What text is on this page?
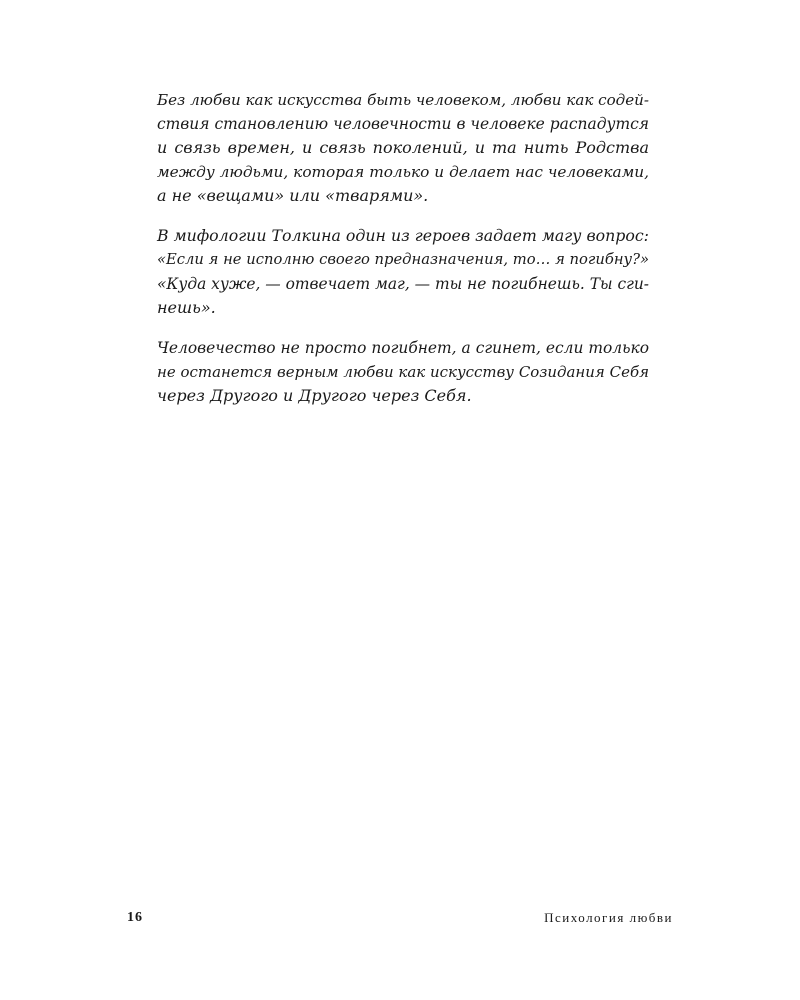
Без любви как искусства быть человеком, любви как содей-
ствия становлению человечности в человеке распадутся
и связь времен, и связь поколений, и та нить Родства
между людьми, которая только и делает нас человеками,
а не «вещами» или «тварями».
В мифологии Толкина один из героев задает магу вопрос:
«Если я не исполню своего предназначения, то… я погибну?»
«Куда хуже, — отвечает маг, — ты не погибнешь. Ты сги-
нешь».
Человечество не просто погибнет, а сгинет, если только
не останется верным любви как искусству Созидания Себя
через Другого и Другого через Себя.
16	Психология любви
